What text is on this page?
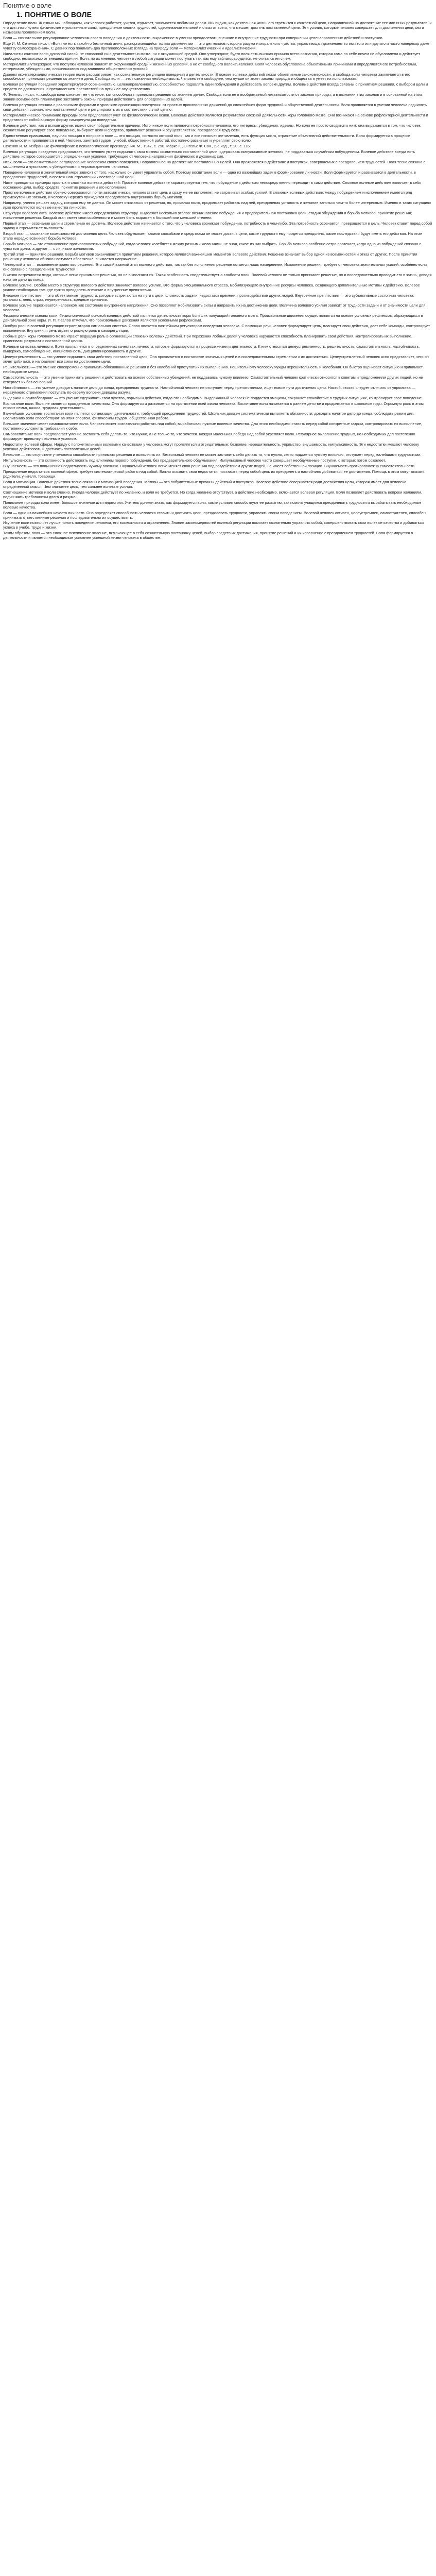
Понятие о воле
1. ПОНЯТИЕ О ВОЛЕ

Определение воли. Ж изнью мы наблюдаем, как человек работает, учится, отдыхает, занимается любимым делом. Мы видим, как деятельная жизнь его стремится к конкретной цели, направленной на достижение тех или иных результатов, и что для этого нужны физические и умственные силы, преодоление многих трудностей, сдерживание желаний и отказ от всего, что мешает достичь поставленной цели. Эти усилия, которые человек совершает для достижения цели, мы и называем проявлением воли.

Воля — сознательное регулирование человеком своего поведения и деятельности, выраженное в умении преодолевать внешние и внутренние трудности при совершении целенаправленных действий и поступков.

Еще И. М. Сеченов писал: «Воля не есть какой-то безличный агент, распоряжающийся только движениями — это деятельная сторона разума и морального чувства, управляющая движением во имя того или другого и часто наперекор даже чувству самосохранения». С давних пор понимать два противоположных взгляда на природу воли — материалистический и идеалистический.

Идеалисты считают волю духовной силой, не связанной ни с деятельностью мозга, ни с окружающей средой. Они утверждают, будто воля есть высшая причина всего сознания, которая сама по себе ничем не обусловлена и действует свободно, независимо от внешних причин. Воля, по их мнению, человек в любой ситуации может поступать так, как ему заблагорассудится, не считаясь ни с чем.

Материалисты утверждают, что поступки человека зависят от окружающей среды и жизненных условий, а не от свободного волеизъявления. Воля человека обусловлена объективными причинами и определяется его потребностями, интересами, убеждениями, сложившимися под влиянием общественных условий.

Диалектико-материалистическая теория волю рассматривает как сознательную регуляцию поведения и деятельности. В основе волевых действий лежат объективные закономерности, и свобода воли человека заключается в его способности принимать решения со знанием дела. Свобода воли — это познанная необходимость. Человек тем свободнее, чем лучше он знает законы природы и общества и умеет их использовать.

Волевая регуляция поведения характеризуется осознанностью, целенаправленностью, способностью подавлять одни побуждения и действовать вопреки другим. Волевые действия всегда связаны с принятием решения, с выбором цели и средств ее достижения, с преодолением препятствий на пути к ее осуществлению.

Ф. Энгельс писал: «...свобода воли означает не что иное, как способность принимать решения со знанием дела». Свобода воли не в воображаемой независимости от законов природы, а в познании этих законов и в основанной на этом знании возможности планомерно заставлять законы природы действовать для определенных целей.

Волевая регуляция связана с различными формами и уровнями организации поведения: от простых произвольных движений до сложнейших форм трудовой и общественной деятельности. Воля проявляется в умении человека подчинять свои действия сознательно поставленной цели и регулировать их в соответствии с этой целью.

Материалистическое понимание природы воли предполагает учет ее физиологических основ. Волевые действия являются результатом сложной деятельности коры головного мозга. Они возникают на основе рефлекторной деятельности и представляют собой высшую форму саморегуляции поведения.

Волевые действия, как и всякие другие, имеют свои побудительные причины. Источником воли являются потребности человека, его интересы, убеждения, идеалы. Но воля не просто сводится к ним: она выражается в том, что человек сознательно регулирует свое поведение, выбирает цели и средства, принимает решения и осуществляет их, преодолевая трудности.

Единственная правильная, научная позиция в вопросе о воле — это позиция, согласно которой воля, как и все психические явления, есть функция мозга, отражение объективной действительности. Воля формируется в процессе деятельности и проявляется в ней. Человек, занятый трудом, учебой, общественной работой, постоянно развивает и укрепляет свою волю.

Сеченов И. М. Избранные философские и психологические произведения. М., 1947, с. 290. Маркс К., Энгельс Ф. Соч., 2-е изд., т. 20, с. 116.

Волевая регуляция поведения предполагает, что человек умеет подчинять свои мотивы сознательно поставленной цели, сдерживать импульсивные желания, не поддаваться случайным побуждениям. Волевое действие всегда есть действие, которое совершается с определенным усилием, требующее от человека напряжения физических и духовных сил.

Итак, воля — это сознательное регулирование человеком своего поведения, направленное на достижение поставленных целей. Она проявляется в действиях и поступках, совершаемых с преодолением трудностей. Воля тесно связана с мышлением и чувствами, с убеждениями и мировоззрением человека.

Поведение человека в значительной мере зависит от того, насколько он умеет управлять собой. Поэтому воспитание воли — одна из важнейших задач в формировании личности. Воля формируется и развивается в деятельности, в преодолении трудностей, в постоянном стремлении к поставленной цели.

Ниже приводятся примеры простых и сложных волевых действий. Простое волевое действие характеризуется тем, что побуждение к действию непосредственно переходит в само действие. Сложное волевое действие включает в себя осознание цели, выбор средств, принятие решения и его исполнение.

Простые волевые действия обычно совершаются почти автоматически: человек ставит цель и сразу же ее выполняет, не затрачивая особых усилий. В сложных волевых действиях между побуждением и исполнением имеется ряд промежуточных звеньев, и человеку нередко приходится преодолевать внутреннюю борьбу мотивов.

Например, ученик решает задачу, которая ему не дается. Он может отказаться от решения, но, проявляя волю, продолжает работать над ней, преодолевая усталость и желание заняться чем-то более интересным. Именно в таких ситуациях ярко проявляются волевые качества личности.

Структура волевого акта. Волевое действие имеет определенную структуру. Выделяют несколько этапов: возникновение побуждения и предварительная постановка цели; стадия обсуждения и борьба мотивов; принятие решения; исполнение решения. Каждый этап имеет свои особенности и может быть выражен в большей или меньшей степени.

Первый этап — осознание цели и стремление ее достичь. Волевое действие начинается с того, что у человека возникает побуждение, потребность в чем-либо. Эта потребность осознается, превращается в цель. Человек ставит перед собой задачу и стремится ее выполнить.

Второй этап — осознание возможностей достижения цели. Человек обдумывает, какими способами и средствами он может достичь цели, какие трудности ему придется преодолеть, какие последствия будут иметь его действия. На этом этапе нередко возникает борьба мотивов.

Борьба мотивов — это столкновение противоположных побуждений, когда человек колеблется между разными желаниями, не зная, какое из них выбрать. Борьба мотивов особенно остро протекает, когда одно из побуждений связано с чувством долга, а другое — с личными желаниями.

Третий этап — принятие решения. Борьба мотивов заканчивается принятием решения, которое является важнейшим моментом волевого действия. Решение означает выбор одной из возможностей и отказ от других. После принятия решения у человека обычно наступает облегчение, снимается напряжение.

Четвертый этап — исполнение принятого решения. Это самый важный этап волевого действия, так как без исполнения решение остается лишь намерением. Исполнение решения требует от человека значительных усилий, особенно если оно связано с преодолением трудностей.

В жизни встречаются люди, которые легко принимают решения, но не выполняют их. Такая особенность свидетельствует о слабости воли. Волевой человек не только принимает решение, но и последовательно проводит его в жизнь, доводя начатое дело до конца.

Волевое усилие. Особое место в структуре волевого действия занимает волевое усилие. Это форма эмоционального стресса, мобилизующего внутренние ресурсы человека, создающего дополнительные мотивы к действию. Волевое усилие необходимо там, где нужно преодолеть внешние и внутренние препятствия.

Внешние препятствия — это объективные трудности, которые встречаются на пути к цели: сложность задачи, недостаток времени, противодействие других людей. Внутренние препятствия — это субъективные состояния человека: усталость, лень, страх, неуверенность, вредные привычки.

Волевое усилие переживается человеком как состояние внутреннего напряжения. Оно позволяет мобилизовать силы и направить их на достижение цели. Величина волевого усилия зависит от трудности задачи и от значимости цели для человека.

Физиологические основы воли. Физиологической основой волевых действий является деятельность коры больших полушарий головного мозга. Произвольные движения осуществляются на основе условных рефлексов, образующихся в двигательной зоне коры. И. П. Павлов отмечал, что произвольные движения являются условными рефлексами.

Особую роль в волевой регуляции играет вторая сигнальная система. Слово является важнейшим регулятором поведения человека. С помощью речи человек формулирует цель, планирует свои действия, дает себе команды, контролирует выполнение. Внутренняя речь играет огромную роль в саморегуляции.

Лобные доли коры головного мозга играют ведущую роль в организации сложных волевых действий. При поражении лобных долей у человека нарушается способность планировать свои действия, контролировать их выполнение, сравнивать результат с поставленной целью.

Волевые качества личности. Воля проявляется в определенных качествах личности, которые формируются в процессе жизни и деятельности. К ним относятся целеустремленность, решительность, самостоятельность, настойчивость, выдержка, самообладание, инициативность, дисциплинированность и другие.

Целеустремленность — это умение подчинять свои действия поставленной цели. Она проявляется в постановке значимых целей и в последовательном стремлении к их достижению. Целеустремленный человек ясно представляет, чего он хочет добиться, и направляет все силы на достижение цели.

Решительность — это умение своевременно принимать обоснованные решения и без колебаний приступать к их выполнению. Решительному человеку чужды нерешительность и колебания. Он быстро оценивает ситуацию и принимает необходимые меры.

Самостоятельность — это умение принимать решения и действовать на основе собственных убеждений, не поддаваясь чужому влиянию. Самостоятельный человек критически относится к советам и предложениям других людей, но не отвергает их без оснований.

Настойчивость — это умение доводить начатое дело до конца, преодолевая трудности. Настойчивый человек не отступает перед препятствиями, ищет новые пути достижения цели. Настойчивость следует отличать от упрямства — неразумного стремления поступать по-своему вопреки доводам разума.

Выдержка и самообладание — это умение сдерживать свои чувства, порывы и действия, когда это необходимо. Выдержанный человек не поддается эмоциям, сохраняет спокойствие в трудных ситуациях, контролирует свое поведение.

Воспитание воли. Воля не является врожденным качеством. Она формируется и развивается на протяжении всей жизни человека. Воспитание воли начинается в раннем детстве и продолжается в школьные годы. Огромную роль в этом играют семья, школа, трудовая деятельность.

Важнейшим условием воспитания воли является организация деятельности, требующей преодоления трудностей. Школьник должен систематически выполнять обязанности, доводить начатое дело до конца, соблюдать режим дня. Воспитанию воли способствуют занятия спортом, физическим трудом, общественная работа.

Большое значение имеет самовоспитание воли. Человек может сознательно работать над собой, вырабатывая нужные волевые качества. Для этого необходимо ставить перед собой конкретные задачи, контролировать их выполнение, постепенно усложнять требования к себе.

Самовоспитание воли предполагает умение заставить себя делать то, что нужно, а не только то, что хочется. Каждая маленькая победа над собой укрепляет волю. Регулярное выполнение трудных, но необходимых дел постепенно формирует привычку к волевым усилиям.

Недостатки волевой сферы. Наряду с положительными волевыми качествами у человека могут проявляться и отрицательные: безволие, нерешительность, упрямство, внушаемость, импульсивность. Эти недостатки мешают человеку успешно действовать и достигать поставленных целей.

Безволие — это отсутствие у человека способности принимать решения и выполнять их. Безвольный человек не может заставить себя делать то, что нужно, легко поддается чужому влиянию, отступает перед малейшими трудностями.

Импульсивность — это склонность действовать под влиянием первого побуждения, без предварительного обдумывания. Импульсивный человек часто совершает необдуманные поступки, о которых потом сожалеет.

Внушаемость — это повышенная податливость чужому влиянию. Внушаемый человек легко меняет свои решения под воздействием других людей, не имеет собственной позиции. Внушаемость противоположна самостоятельности.

Преодоление недостатков волевой сферы требует систематической работы над собой. Важно осознать свои недостатки, поставить перед собой цель их преодолеть и настойчиво добиваться ее достижения. Помощь в этом могут оказать родители, учителя, товарищи.

Воля и мотивация. Волевые действия тесно связаны с мотивацией поведения. Мотивы — это побудительные причины действий и поступков. Волевое действие совершается ради достижения цели, которая имеет для человека определенный смысл. Чем значимее цель, тем сильнее волевые усилия.

Соотношение мотивов и воли сложно. Иногда человек действует по желанию, и воля не требуется. Но когда желание отсутствует, а действие необходимо, включается волевая регуляция. Воля позволяет действовать вопреки желаниям, подчиняясь требованиям долга и разума.

Понимание природы воли имеет большое значение для педагогики. Учитель должен знать, как формируется воля, какие условия способствуют ее развитию, как помочь учащимся преодолевать трудности и вырабатывать необходимые волевые качества.

Воля — одно из важнейших качеств личности. Она определяет способность человека ставить и достигать цели, преодолевать трудности, управлять своим поведением. Волевой человек активен, целеустремлен, самостоятелен, способен принимать ответственные решения и последовательно их осуществлять.

Изучение воли позволяет лучше понять поведение человека, его возможности и ограничения. Знание закономерностей волевой регуляции помогает сознательно управлять собой, совершенствовать свои волевые качества и добиваться успеха в учебе, труде и жизни.

Таким образом, воля — это сложное психическое явление, включающее в себя сознательную постановку целей, выбор средств их достижения, принятие решений и их исполнение с преодолением трудностей. Воля формируется в деятельности и является необходимым условием успешной жизни человека в обществе.
